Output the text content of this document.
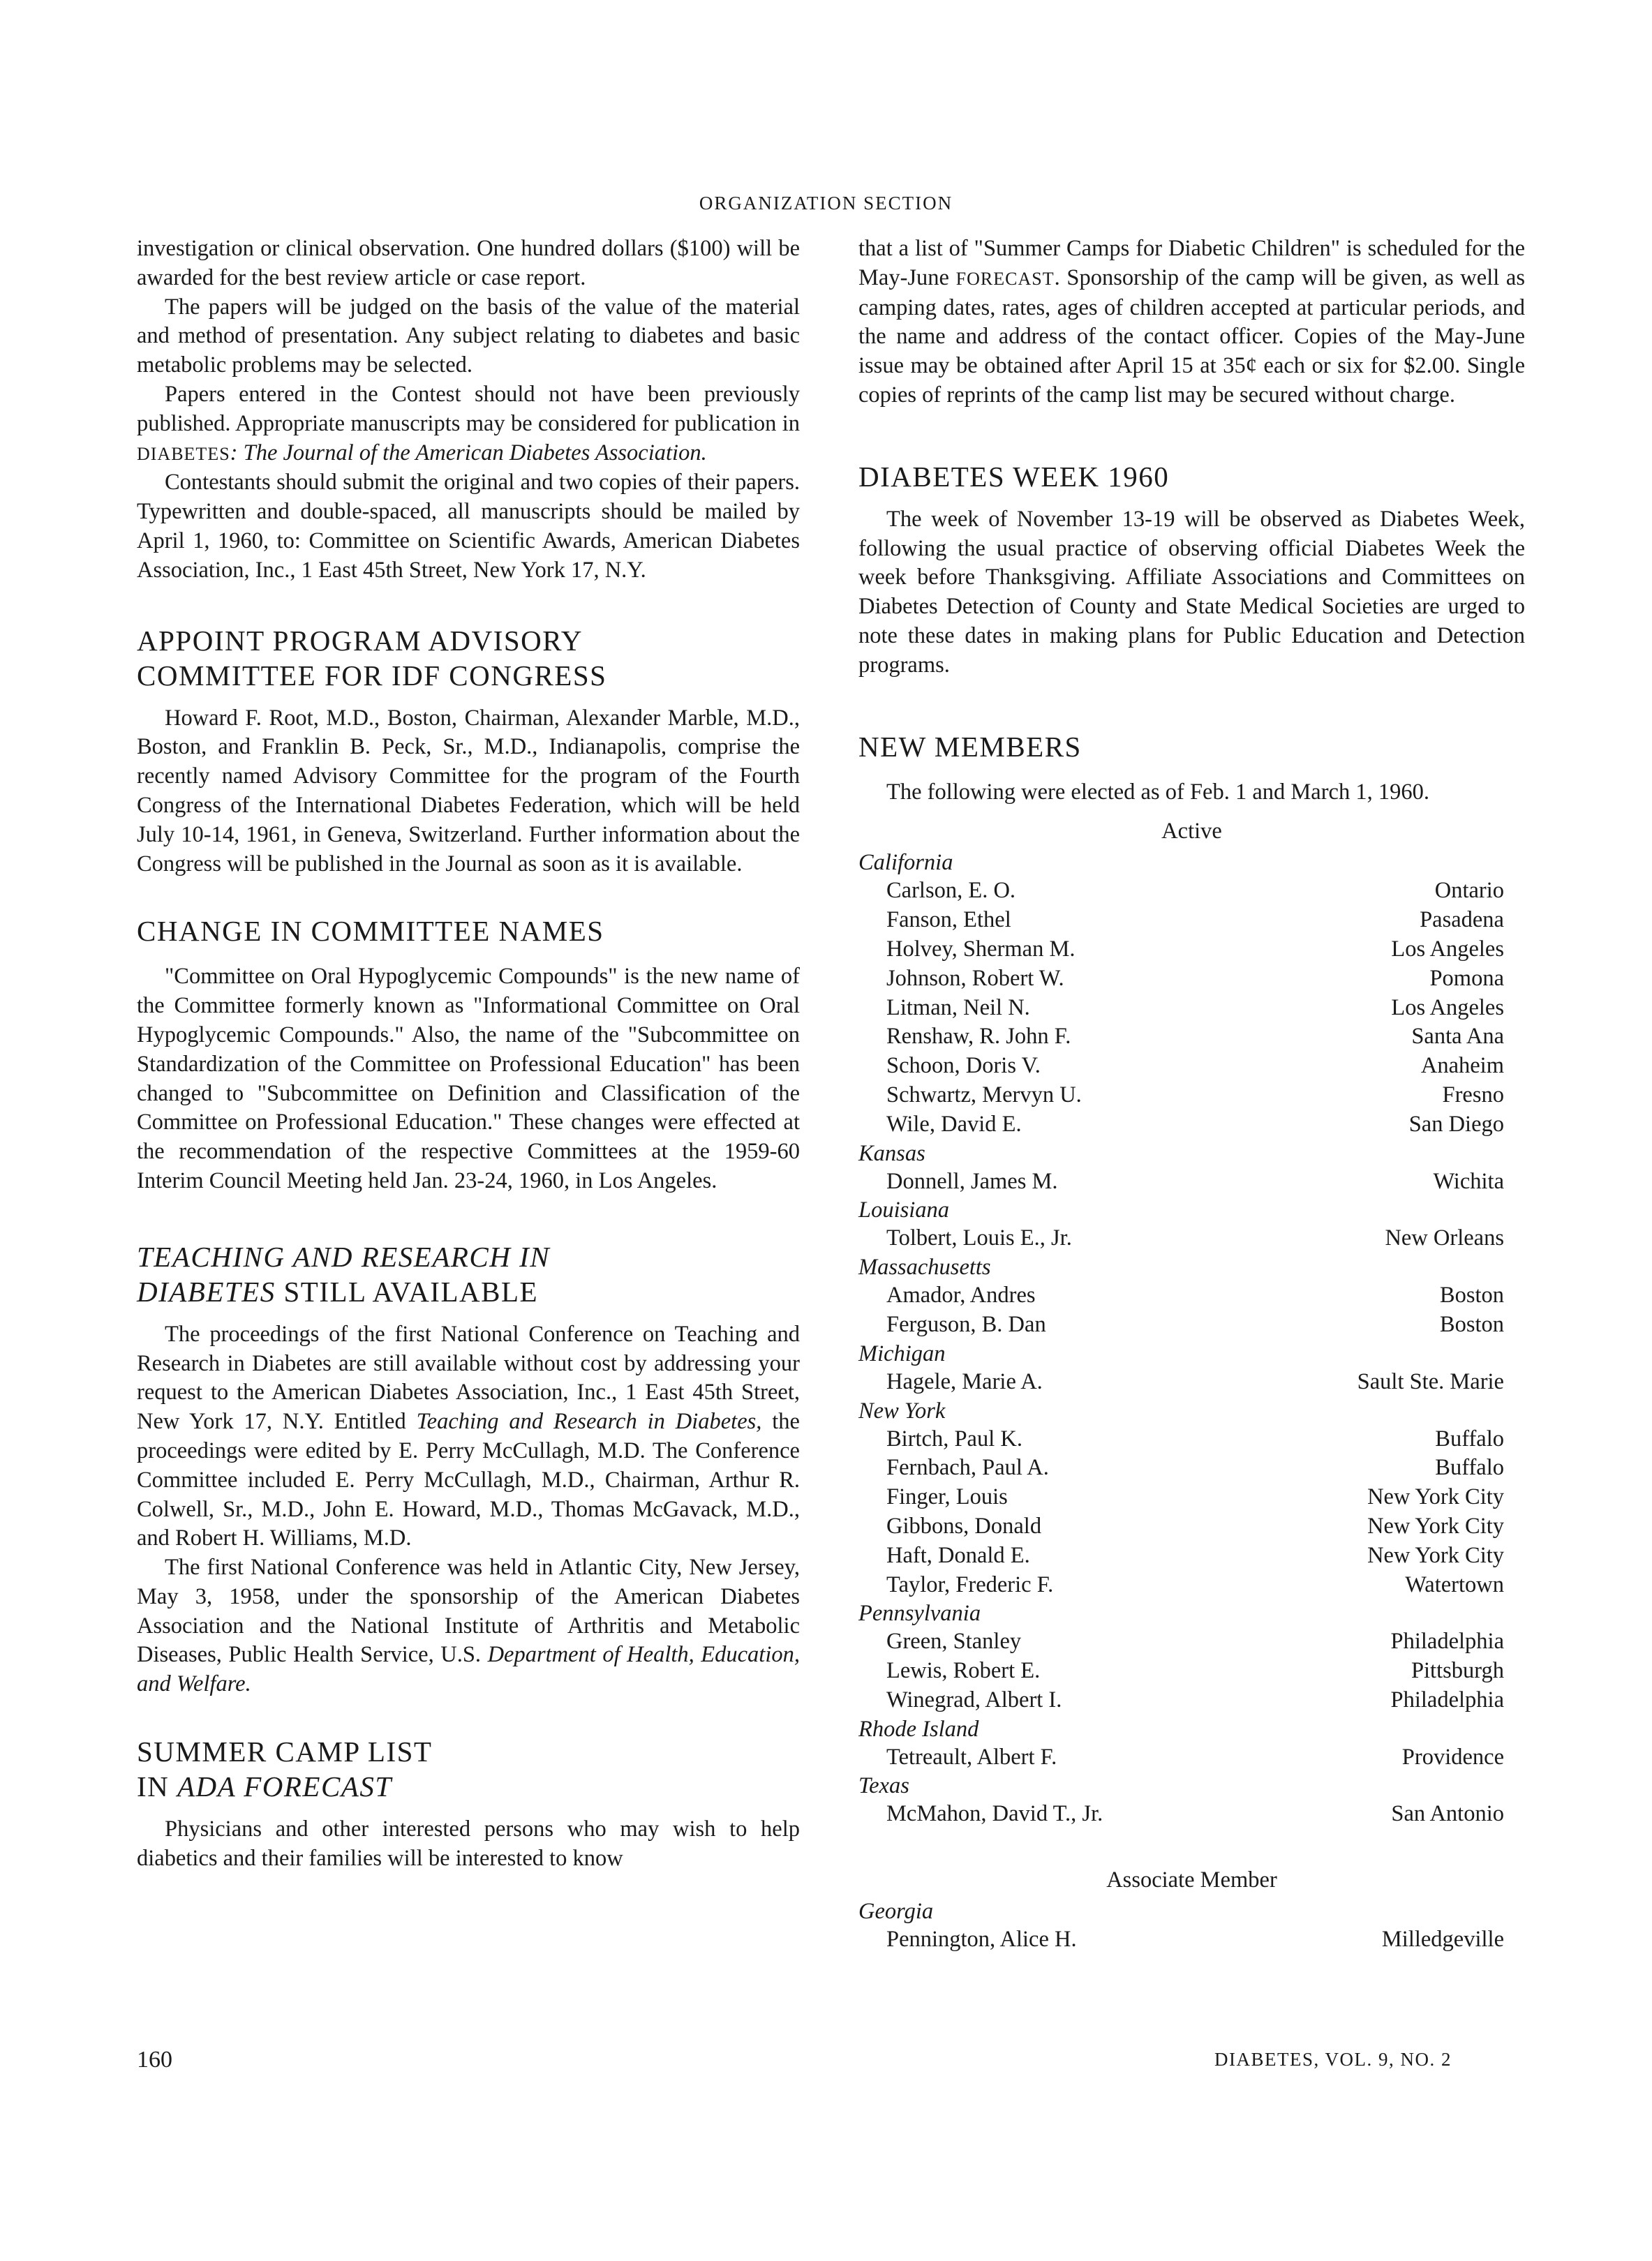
ORGANIZATION SECTION

investigation or clinical observation. One hundred dollars ($100) will be awarded for the best review article or case report.

The papers will be judged on the basis of the value of the material and method of presentation. Any subject relating to diabetes and basic metabolic problems may be selected.

Papers entered in the Contest should not have been previously published. Appropriate manuscripts may be considered for publication in DIABETES: The Journal of the American Diabetes Association.

Contestants should submit the original and two copies of their papers. Typewritten and double-spaced, all manuscripts should be mailed by April 1, 1960, to: Committee on Scientific Awards, American Diabetes Association, Inc., 1 East 45th Street, New York 17, N.Y.

APPOINT PROGRAM ADVISORY
COMMITTEE FOR IDF CONGRESS

Howard F. Root, M.D., Boston, Chairman, Alexander Marble, M.D., Boston, and Franklin B. Peck, Sr., M.D., Indianapolis, comprise the recently named Advisory Committee for the program of the Fourth Congress of the International Diabetes Federation, which will be held July 10-14, 1961, in Geneva, Switzerland. Further information about the Congress will be published in the Journal as soon as it is available.

CHANGE IN COMMITTEE NAMES

"Committee on Oral Hypoglycemic Compounds" is the new name of the Committee formerly known as "Informational Committee on Oral Hypoglycemic Compounds." Also, the name of the "Subcommittee on Standardization of the Committee on Professional Education" has been changed to "Subcommittee on Definition and Classification of the Committee on Professional Education." These changes were effected at the recommendation of the respective Committees at the 1959-60 Interim Council Meeting held Jan. 23-24, 1960, in Los Angeles.

TEACHING AND RESEARCH IN
DIABETES STILL AVAILABLE

The proceedings of the first National Conference on Teaching and Research in Diabetes are still available without cost by addressing your request to the American Diabetes Association, Inc., 1 East 45th Street, New York 17, N.Y. Entitled Teaching and Research in Diabetes, the proceedings were edited by E. Perry McCullagh, M.D. The Conference Committee included E. Perry McCullagh, M.D., Chairman, Arthur R. Colwell, Sr., M.D., John E. Howard, M.D., Thomas McGavack, M.D., and Robert H. Williams, M.D.

The first National Conference was held in Atlantic City, New Jersey, May 3, 1958, under the sponsorship of the American Diabetes Association and the National Institute of Arthritis and Metabolic Diseases, Public Health Service, U.S. Department of Health, Education, and Welfare.

SUMMER CAMP LIST
IN ADA FORECAST

Physicians and other interested persons who may wish to help diabetics and their families will be interested to know

that a list of "Summer Camps for Diabetic Children" is scheduled for the May-June FORECAST. Sponsorship of the camp will be given, as well as camping dates, rates, ages of children accepted at particular periods, and the name and address of the contact officer. Copies of the May-June issue may be obtained after April 15 at 35¢ each or six for $2.00. Single copies of reprints of the camp list may be secured without charge.

DIABETES WEEK 1960

The week of November 13-19 will be observed as Diabetes Week, following the usual practice of observing official Diabetes Week the week before Thanksgiving. Affiliate Associations and Committees on Diabetes Detection of County and State Medical Societies are urged to note these dates in making plans for Public Education and Detection programs.

NEW MEMBERS

The following were elected as of Feb. 1 and March 1, 1960.

Active
California
Carlson, E. O.	Ontario
Fanson, Ethel	Pasadena
Holvey, Sherman M.	Los Angeles
Johnson, Robert W.	Pomona
Litman, Neil N.	Los Angeles
Renshaw, R. John F.	Santa Ana
Schoon, Doris V.	Anaheim
Schwartz, Mervyn U.	Fresno
Wile, David E.	San Diego
Kansas
Donnell, James M.	Wichita
Louisiana
Tolbert, Louis E., Jr.	New Orleans
Massachusetts
Amador, Andres	Boston
Ferguson, B. Dan	Boston
Michigan
Hagele, Marie A.	Sault Ste. Marie
New York
Birtch, Paul K.	Buffalo
Fernbach, Paul A.	Buffalo
Finger, Louis	New York City
Gibbons, Donald	New York City
Haft, Donald E.	New York City
Taylor, Frederic F.	Watertown
Pennsylvania
Green, Stanley	Philadelphia
Lewis, Robert E.	Pittsburgh
Winegrad, Albert I.	Philadelphia
Rhode Island
Tetreault, Albert F.	Providence
Texas
McMahon, David T., Jr.	San Antonio
Associate Member
Georgia
Pennington, Alice H.	Milledgeville
160	DIABETES, VOL. 9, NO. 2
